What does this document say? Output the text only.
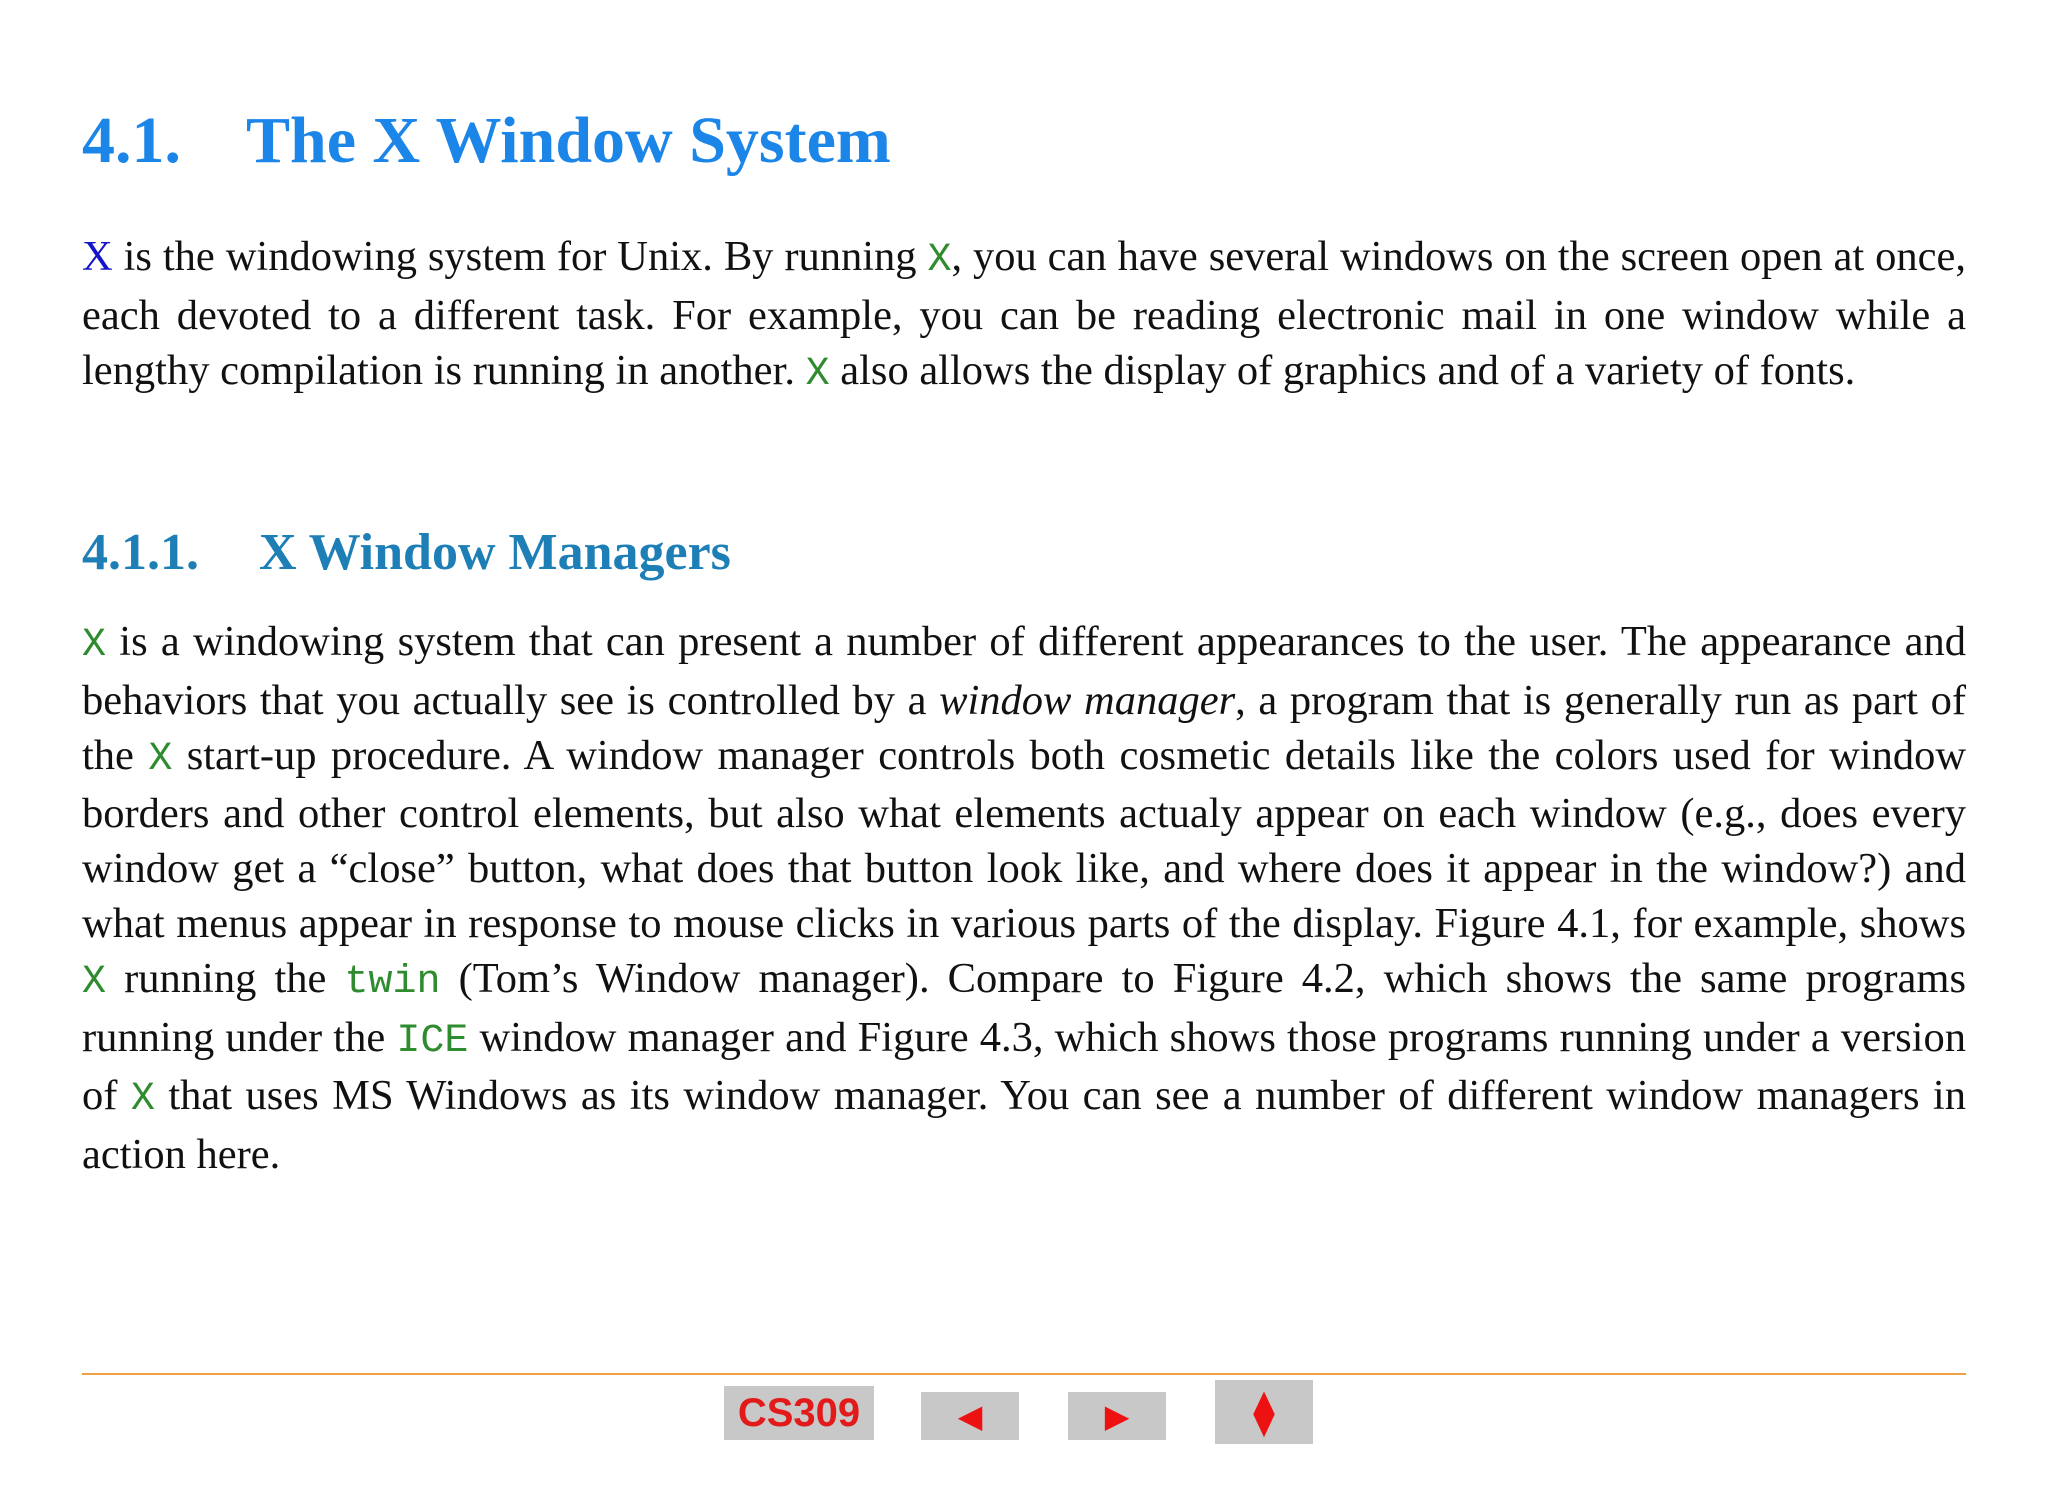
4.1. The X Window System

X is the windowing system for Unix. By running X, you can have several windows on the screen open at once, each devoted to a different task. For example, you can be reading electronic mail in one window while a lengthy compilation is running in another. X also allows the display of graphics and of a variety of fonts.

4.1.1. X Window Managers

X is a windowing system that can present a number of different appearances to the user. The appearance and behaviors that you actually see is controlled by a window manager, a program that is generally run as part of the X start-up procedure. A window manager controls both cosmetic details like the colors used for window borders and other control elements, but also what elements actualy appear on each window (e.g., does every window get a “close” button, what does that button look like, and where does it appear in the window?) and what menus appear in response to mouse clicks in various parts of the display. Figure 4.1, for example, shows X running the twin (Tom’s Window manager). Compare to Figure 4.2, which shows the same programs running under the ICE window manager and Figure 4.3, which shows those programs running under a version of X that uses MS Windows as its window manager. You can see a number of different window managers in action here.

CS309	◀	▶	⧫
